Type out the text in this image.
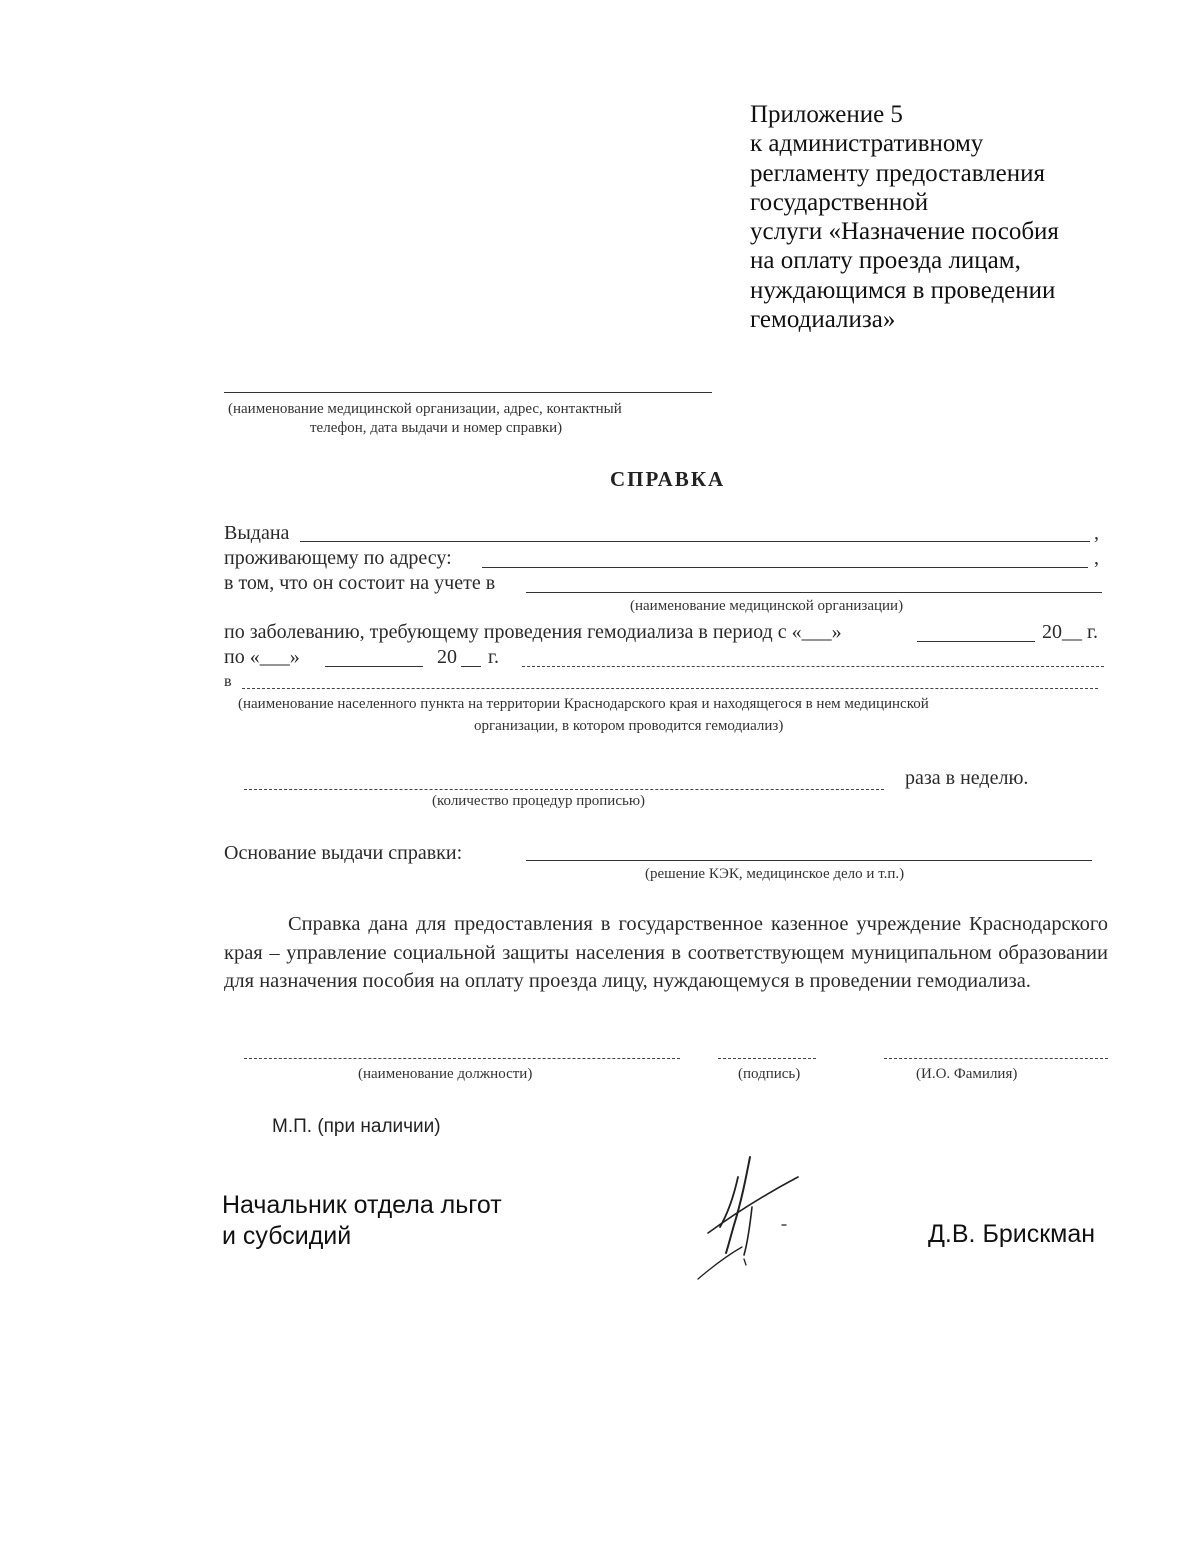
Приложение 5
к административному
регламенту предоставления
государственной
услуги «Назначение пособия
на оплату проезда лицам,
нуждающимся в проведении
гемодиализа»
(наименование медицинской организации, адрес, контактный
телефон, дата выдачи и номер справки)
СПРАВКА
Выдана	,
проживающему по адресу:	,
в том, что он состоит на учете в
(наименование медицинской организации)
по заболеванию, требующему проведения гемодиализа в период с «___»	20__ г.
по «___»	20 г.
в
(наименование населенного пункта на территории Краснодарского края и находящегося в нем медицинской
организации, в котором проводится гемодиализ)
раза в неделю.
(количество процедур прописью)
Основание выдачи справки:
(решение КЭК, медицинское дело и т.п.)
Справка дана для предоставления в государственное казенное учреждение Краснодарского края – управление социальной защиты населения в соответствующем муниципальном образовании для назначения пособия на оплату проезда лицу, нуждающемуся в проведении гемодиализа.
(наименование должности)	(подпись)	(И.О. Фамилия)
М.П. (при наличии)
Начальник отдела льгот
и субсидий	Д.В. Брискман
